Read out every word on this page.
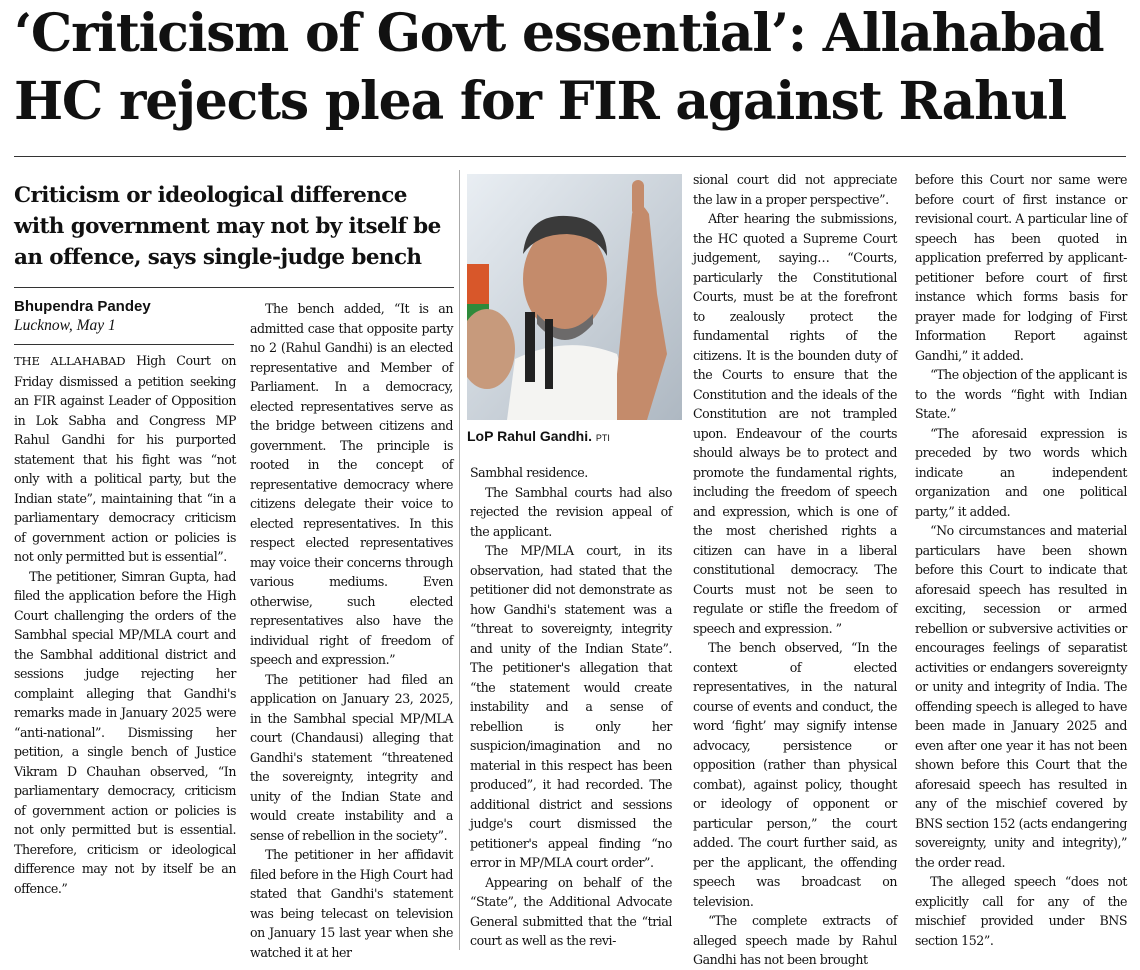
‘Criticism of Govt essential’: Allahabad HC rejects plea for FIR against Rahul
Criticism or ideological difference with government may not by itself be an offence, says single-judge bench
Bhupendra Pandey
Lucknow, May 1

THE ALLAHABAD High Court on Friday dismissed a petition seeking an FIR against Leader of Opposition in Lok Sabha and Congress MP Rahul Gandhi for his purported statement that his fight was “not only with a political party, but the Indian state”, maintaining that “in a parliamentary democracy criticism of government action or policies is not only permitted but is essential”.

The petitioner, Simran Gupta, had filed the application before the High Court challenging the orders of the Sambhal special MP/MLA court and the Sambhal additional district and sessions judge rejecting her complaint alleging that Gandhi's remarks made in January 2025 were “anti-national”. Dismissing her petition, a single bench of Justice Vikram D Chauhan observed, “In parliamentary democracy, criticism of government action or policies is not only permitted but is essential. Therefore, criticism or ideological difference may not by itself be an offence.”

The bench added, “It is an admitted case that opposite party no 2 (Rahul Gandhi) is an elected representative and Member of Parliament. In a democracy, elected representatives serve as the bridge between citizens and government. The principle is rooted in the concept of representative democracy where citizens delegate their voice to elected representatives. In this respect elected representatives may voice their concerns through various mediums. Even otherwise, such elected representatives also have the individual right of freedom of speech and expression.”

The petitioner had filed an application on January 23, 2025, in the Sambhal special MP/MLA court (Chandausi) alleging that Gandhi's statement “threatened the sovereignty, integrity and unity of the Indian State and would create instability and a sense of rebellion in the society”.

The petitioner in her affidavit filed before in the High Court had stated that Gandhi's statement was being telecast on television on January 15 last year when she watched it at her

LoP Rahul Gandhi. PTI

Sambhal residence.

The Sambhal courts had also rejected the revision appeal of the applicant.

The MP/MLA court, in its observation, had stated that the petitioner did not demonstrate as how Gandhi's statement was a “threat to sovereignty, integrity and unity of the Indian State”. The petitioner's allegation that “the statement would create instability and a sense of rebellion is only her suspicion/imagination and no material in this respect has been produced”, it had recorded. The additional district and sessions judge's court dismissed the petitioner's appeal finding “no error in MP/MLA court order”.

Appearing on behalf of the “State”, the Additional Advocate General submitted that the “trial court as well as the revi-

sional court did not appreciate the law in a proper perspective”.

After hearing the submissions, the HC quoted a Supreme Court judgement, saying… “Courts, particularly the Constitutional Courts, must be at the forefront to zealously protect the fundamental rights of the citizens. It is the bounden duty of the Courts to ensure that the Constitution and the ideals of the Constitution are not trampled upon. Endeavour of the courts should always be to protect and promote the fundamental rights, including the freedom of speech and expression, which is one of the most cherished rights a citizen can have in a liberal constitutional democracy. The Courts must not be seen to regulate or stifle the freedom of speech and expression. ”

The bench observed, “In the context of elected representatives, in the natural course of events and conduct, the word ‘fight’ may signify intense advocacy, persistence or opposition (rather than physical combat), against policy, thought or ideology of opponent or particular person,” the court added. The court further said, as per the applicant, the offending speech was broadcast on television.

“The complete extracts of alleged speech made by Rahul Gandhi has not been brought

before this Court nor same were before court of first instance or revisional court. A particular line of speech has been quoted in application preferred by applicant-petitioner before court of first instance which forms basis for prayer made for lodging of First Information Report against Gandhi,” it added.

“The objection of the applicant is to the words “fight with Indian State.”

“The aforesaid expression is preceded by two words which indicate an independent organization and one political party,” it added.

“No circumstances and material particulars have been shown before this Court to indicate that aforesaid speech has resulted in exciting, secession or armed rebellion or subversive activities or encourages feelings of separatist activities or endangers sovereignty or unity and integrity of India. The offending speech is alleged to have been made in January 2025 and even after one year it has not been shown before this Court that the aforesaid speech has resulted in any of the mischief covered by BNS section 152 (acts endangering sovereignty, unity and integrity),” the order read.

The alleged speech “does not explicitly call for any of the mischief provided under BNS section 152”.
